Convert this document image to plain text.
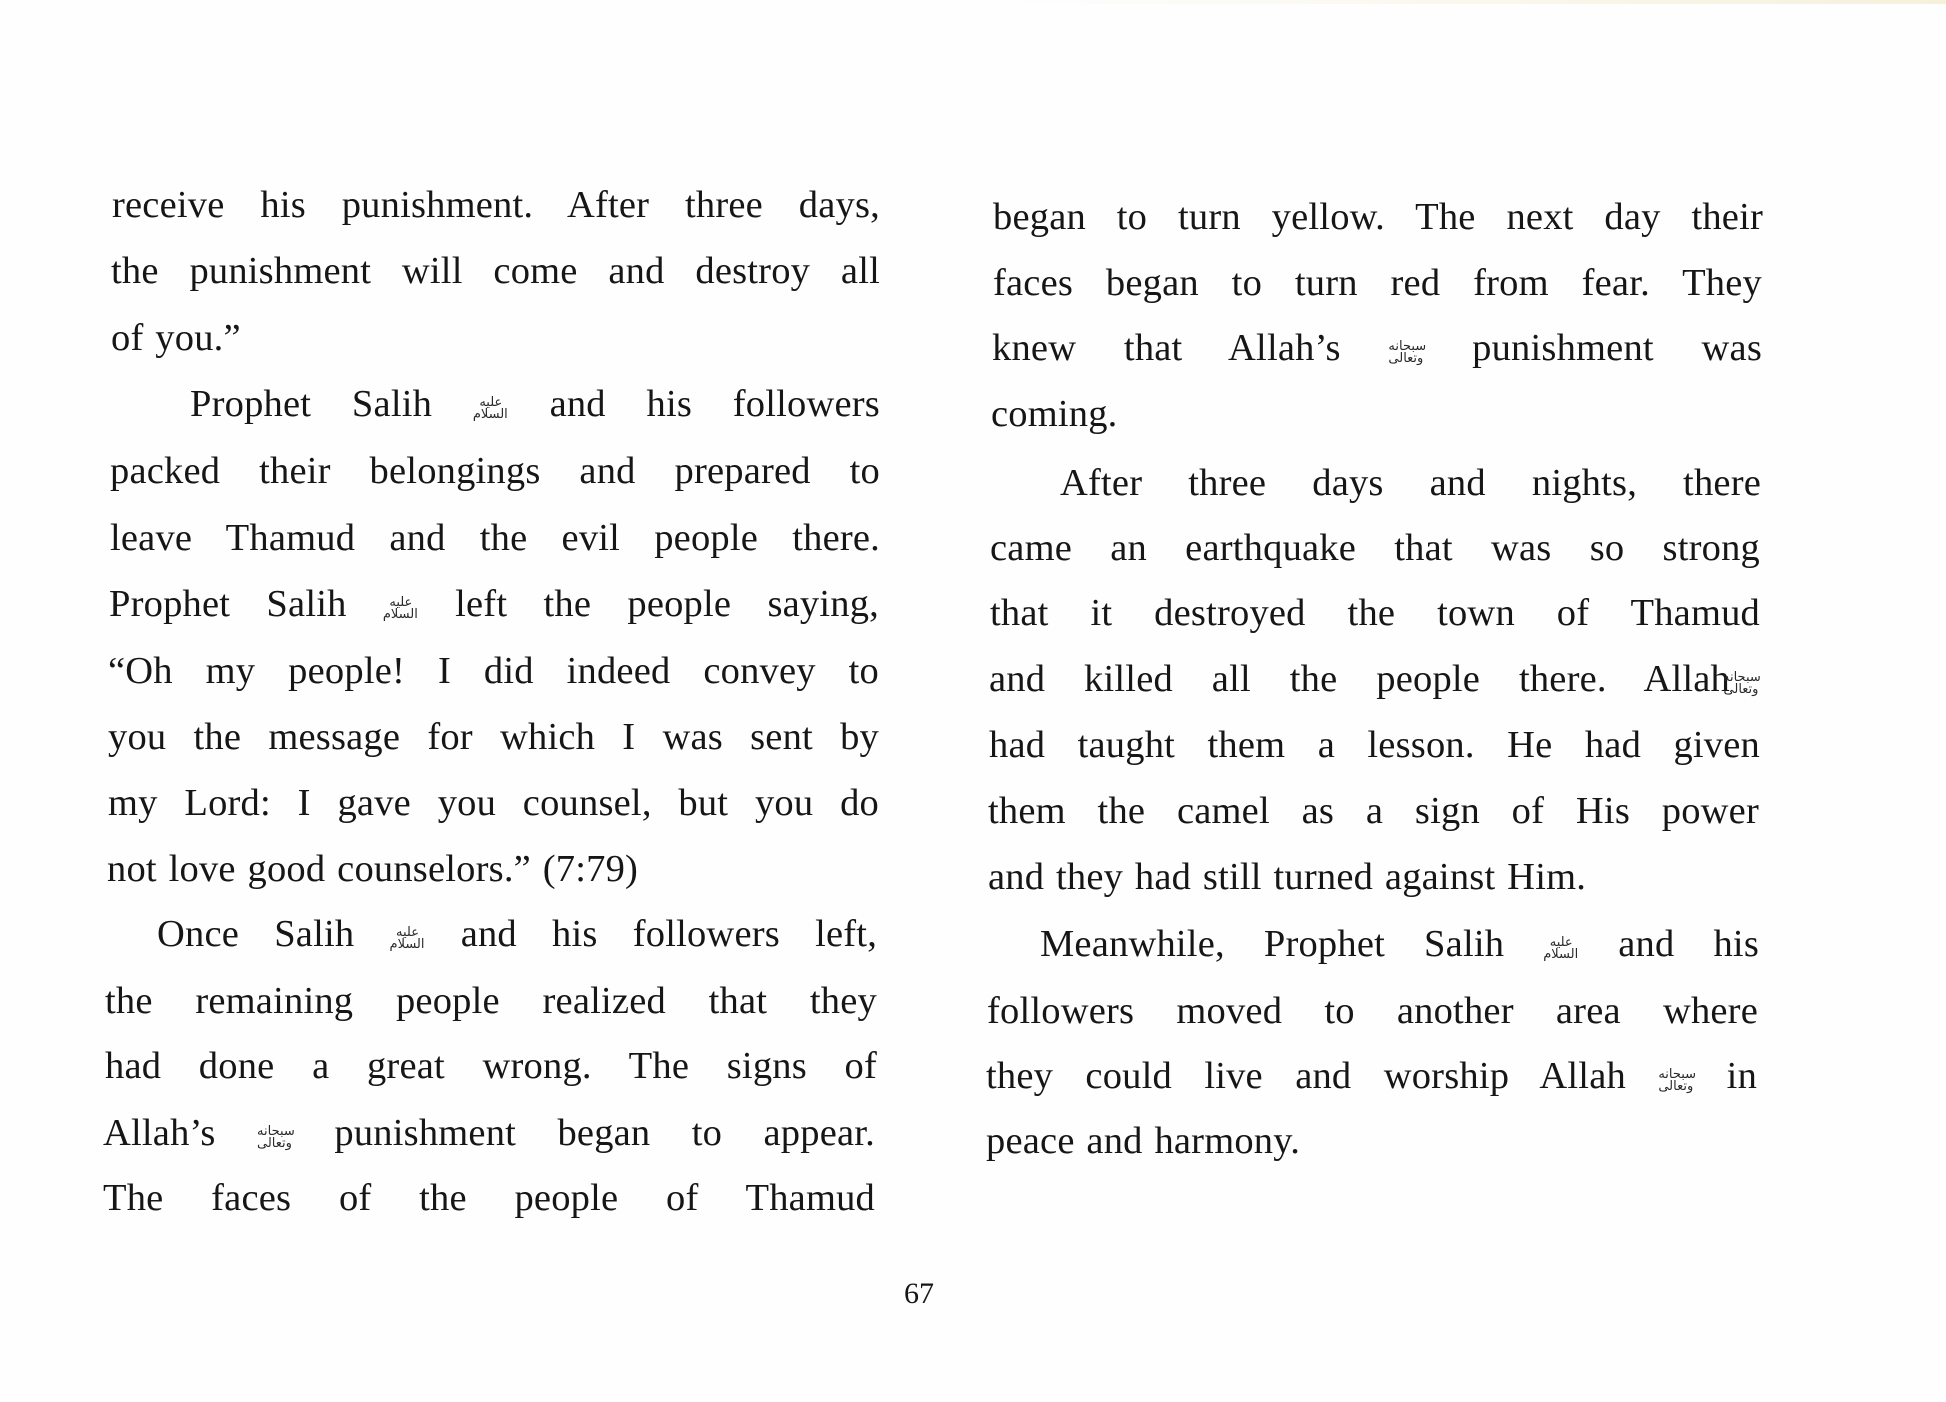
receive his punishment. After three days,
the punishment will come and destroy all
of you.”
Prophet Salih	عليه السلام and his followers
packed their belongings and prepared to
leave Thamud and the evil people there.
Prophet Salih	عليه السلام left the people saying,
“Oh my people! I did indeed convey to
you the message for which I was sent by
my Lord: I gave you counsel, but you do
not love good counselors.” (7:79)
Once Salih	عليه السلام and his followers left,
the remaining people realized that they
had done a great wrong. The signs of
Allah’s	سبحانه وتعالى punishment began to appear.
The faces of the people of Thamud
began to turn yellow. The next day their
faces began to turn red from fear. They
knew that Allah’s	سبحانه وتعالى punishment was
coming.
After three days and nights, there
came an earthquake that was so strong
that it destroyed the town of Thamud
and killed all the people there. Allah
سبحانه وتعالى
had taught them a lesson. He had given
them the camel as a sign of His power
and they had still turned against Him.
Meanwhile, Prophet Salih	عليه السلام and his
followers moved to another area where
they could live and worship Allah سبحانه وتعالى in
peace and harmony.
67
